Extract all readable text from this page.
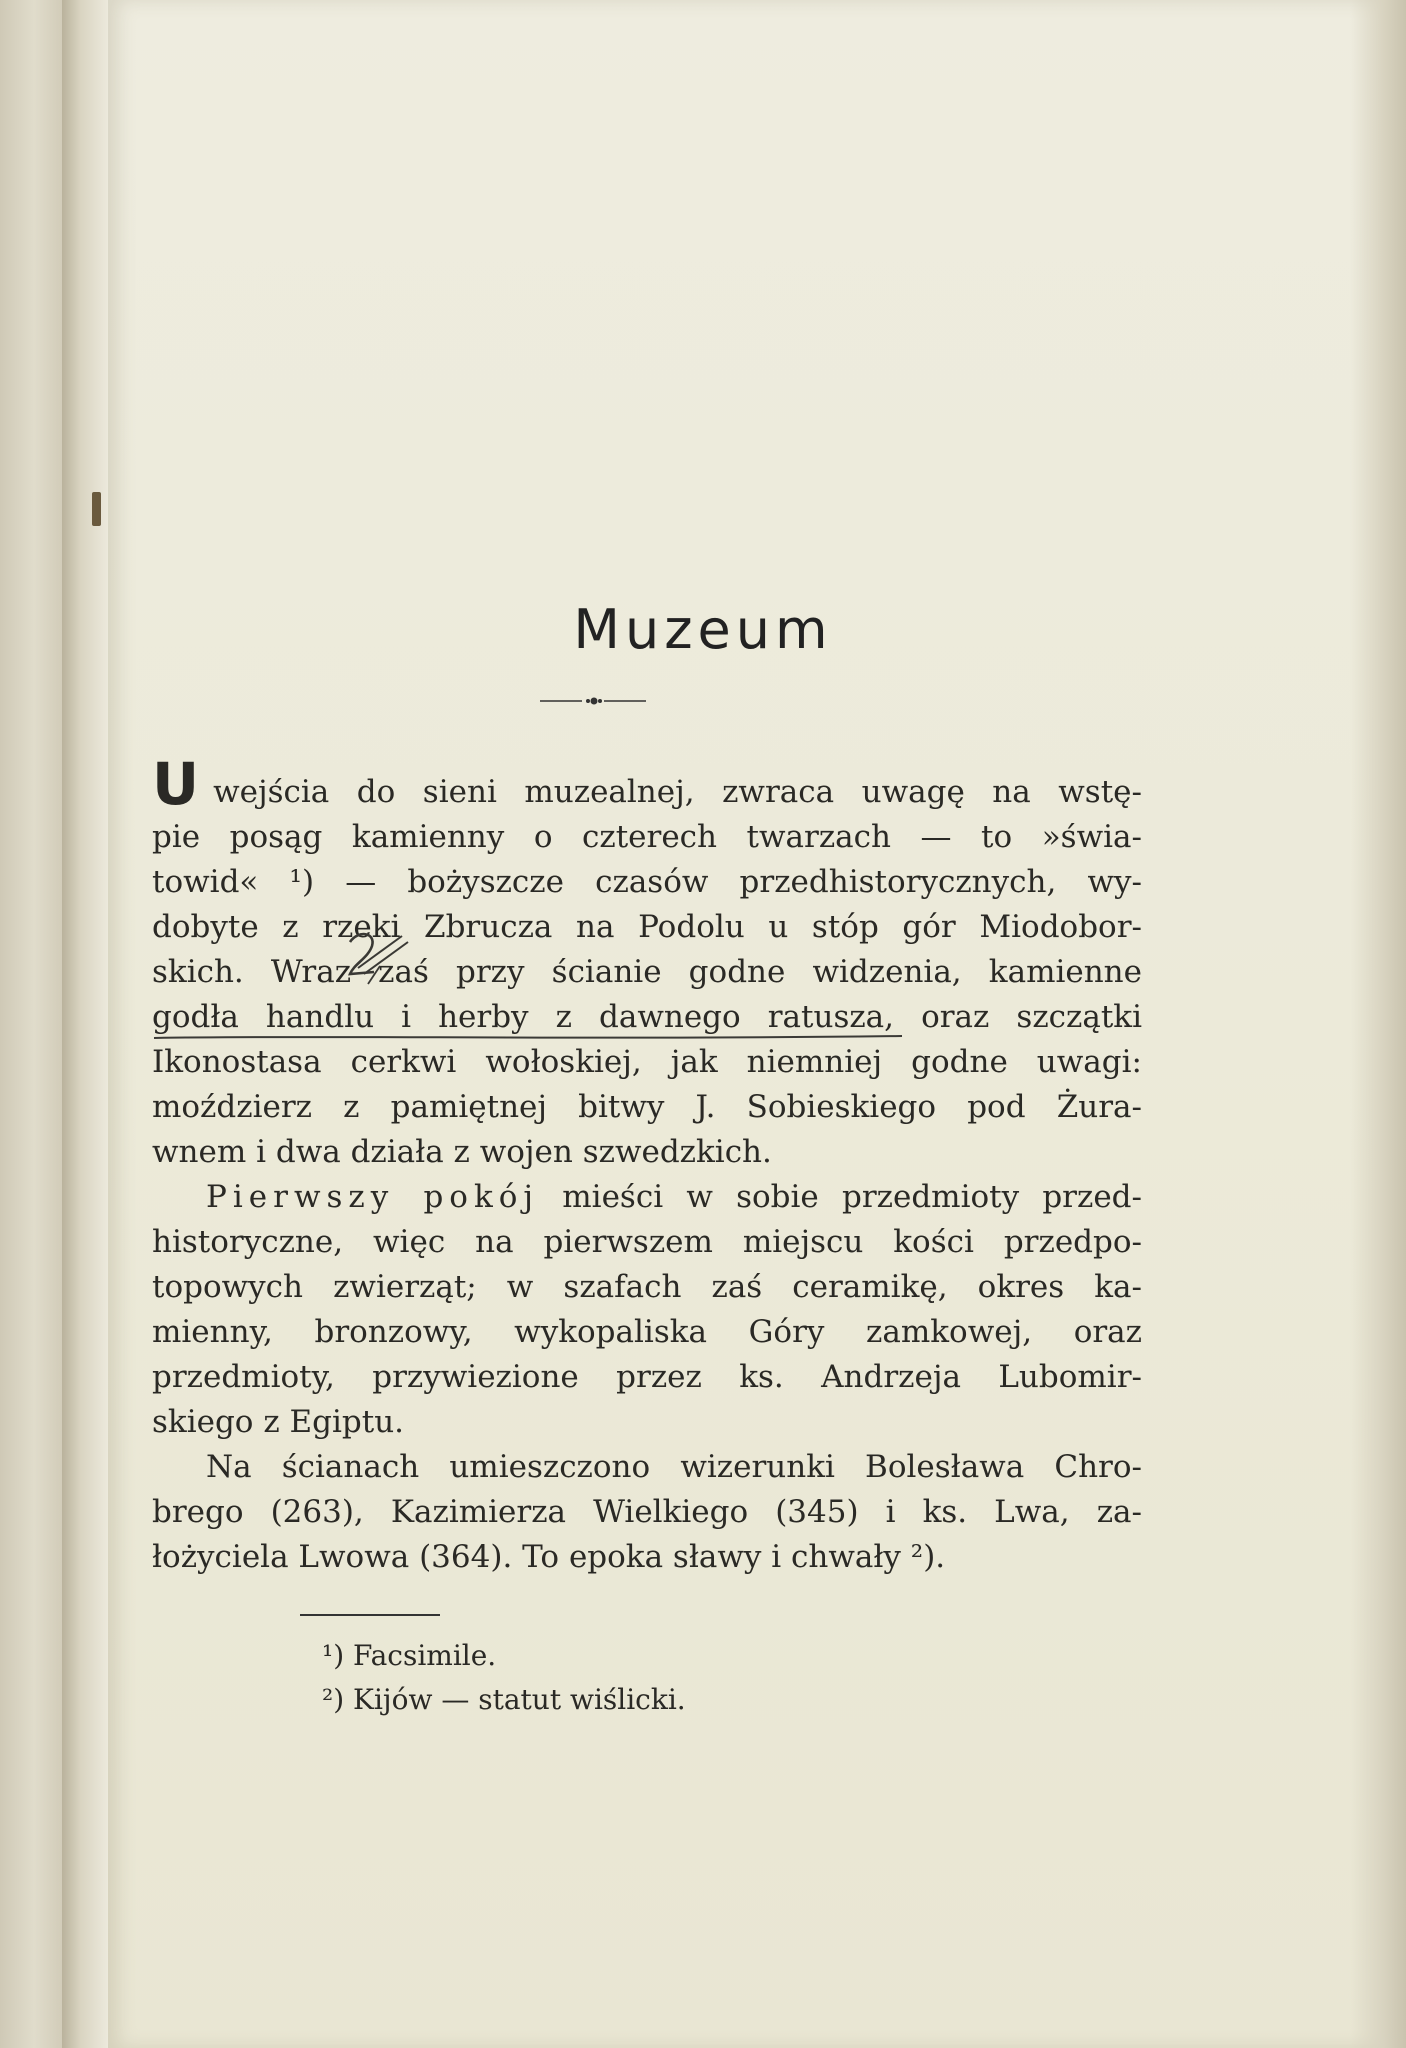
Muzeum
Uwejścia do sieni muzealnej, zwraca uwagę na wstę-
pie posąg kamienny o czterech twarzach — to »świa-
towid« ¹) — bożyszcze czasów przedhistorycznych, wy-
dobyte z rzeki Zbrucza na Podolu u stóp gór Miodobor-
skich. Wraz zaś przy ścianie godne widzenia, kamienne
godła handlu i herby z dawnego ratusza, oraz szczątki
Ikonostasa cerkwi wołoskiej, jak niemniej godne uwagi:
moździerz z pamiętnej bitwy J. Sobieskiego pod Żura-
wnem i dwa działa z wojen szwedzkich.
Pierwszy pokój mieści w sobie przedmioty przed-
historyczne, więc na pierwszem miejscu kości przedpo-
topowych zwierząt; w szafach zaś ceramikę, okres ka-
mienny, bronzowy, wykopaliska Góry zamkowej, oraz
przedmioty, przywiezione przez ks. Andrzeja Lubomir-
skiego z Egiptu.
Na ścianach umieszczono wizerunki Bolesława Chro-
brego (263), Kazimierza Wielkiego (345) i ks. Lwa, za-
łożyciela Lwowa (364). To epoka sławy i chwały ²).
¹) Facsimile.
²) Kijów — statut wiślicki.
